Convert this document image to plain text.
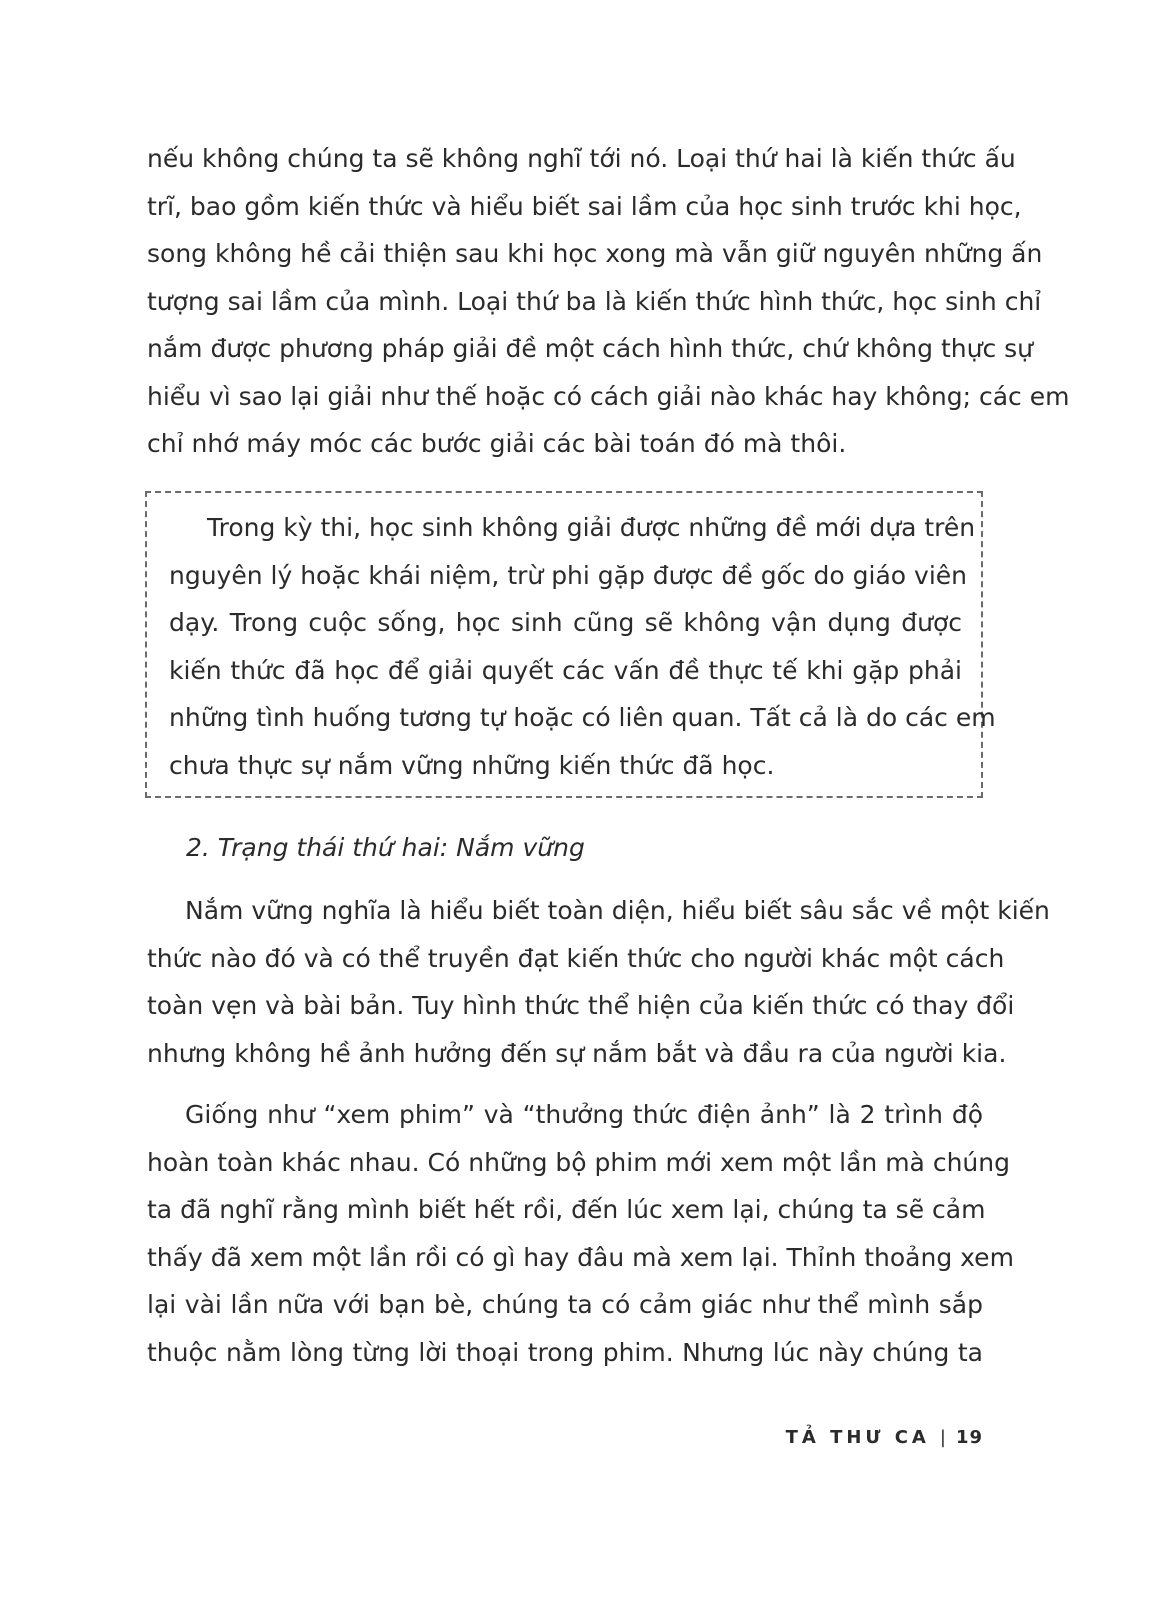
nếu không chúng ta sẽ không nghĩ tới nó. Loại thứ hai là kiến thức ấu
trĩ, bao gồm kiến thức và hiểu biết sai lầm của học sinh trước khi học,
song không hề cải thiện sau khi học xong mà vẫn giữ nguyên những ấn
tượng sai lầm của mình. Loại thứ ba là kiến thức hình thức, học sinh chỉ
nắm được phương pháp giải đề một cách hình thức, chứ không thực sự
hiểu vì sao lại giải như thế hoặc có cách giải nào khác hay không; các em
chỉ nhớ máy móc các bước giải các bài toán đó mà thôi.
Trong kỳ thi, học sinh không giải được những đề mới dựa trên
nguyên lý hoặc khái niệm, trừ phi gặp được đề gốc do giáo viên
dạy. Trong cuộc sống, học sinh cũng sẽ không vận dụng được
kiến thức đã học để giải quyết các vấn đề thực tế khi gặp phải
những tình huống tương tự hoặc có liên quan. Tất cả là do các em
chưa thực sự nắm vững những kiến thức đã học.
2. Trạng thái thứ hai: Nắm vững
Nắm vững nghĩa là hiểu biết toàn diện, hiểu biết sâu sắc về một kiến
thức nào đó và có thể truyền đạt kiến thức cho người khác một cách
toàn vẹn và bài bản. Tuy hình thức thể hiện của kiến thức có thay đổi
nhưng không hề ảnh hưởng đến sự nắm bắt và đầu ra của người kia.
Giống như “xem phim” và “thưởng thức điện ảnh” là 2 trình độ
hoàn toàn khác nhau. Có những bộ phim mới xem một lần mà chúng
ta đã nghĩ rằng mình biết hết rồi, đến lúc xem lại, chúng ta sẽ cảm
thấy đã xem một lần rồi có gì hay đâu mà xem lại. Thỉnh thoảng xem
lại vài lần nữa với bạn bè, chúng ta có cảm giác như thể mình sắp
thuộc nằm lòng từng lời thoại trong phim. Nhưng lúc này chúng ta
TẢ THƯ CA | 19
